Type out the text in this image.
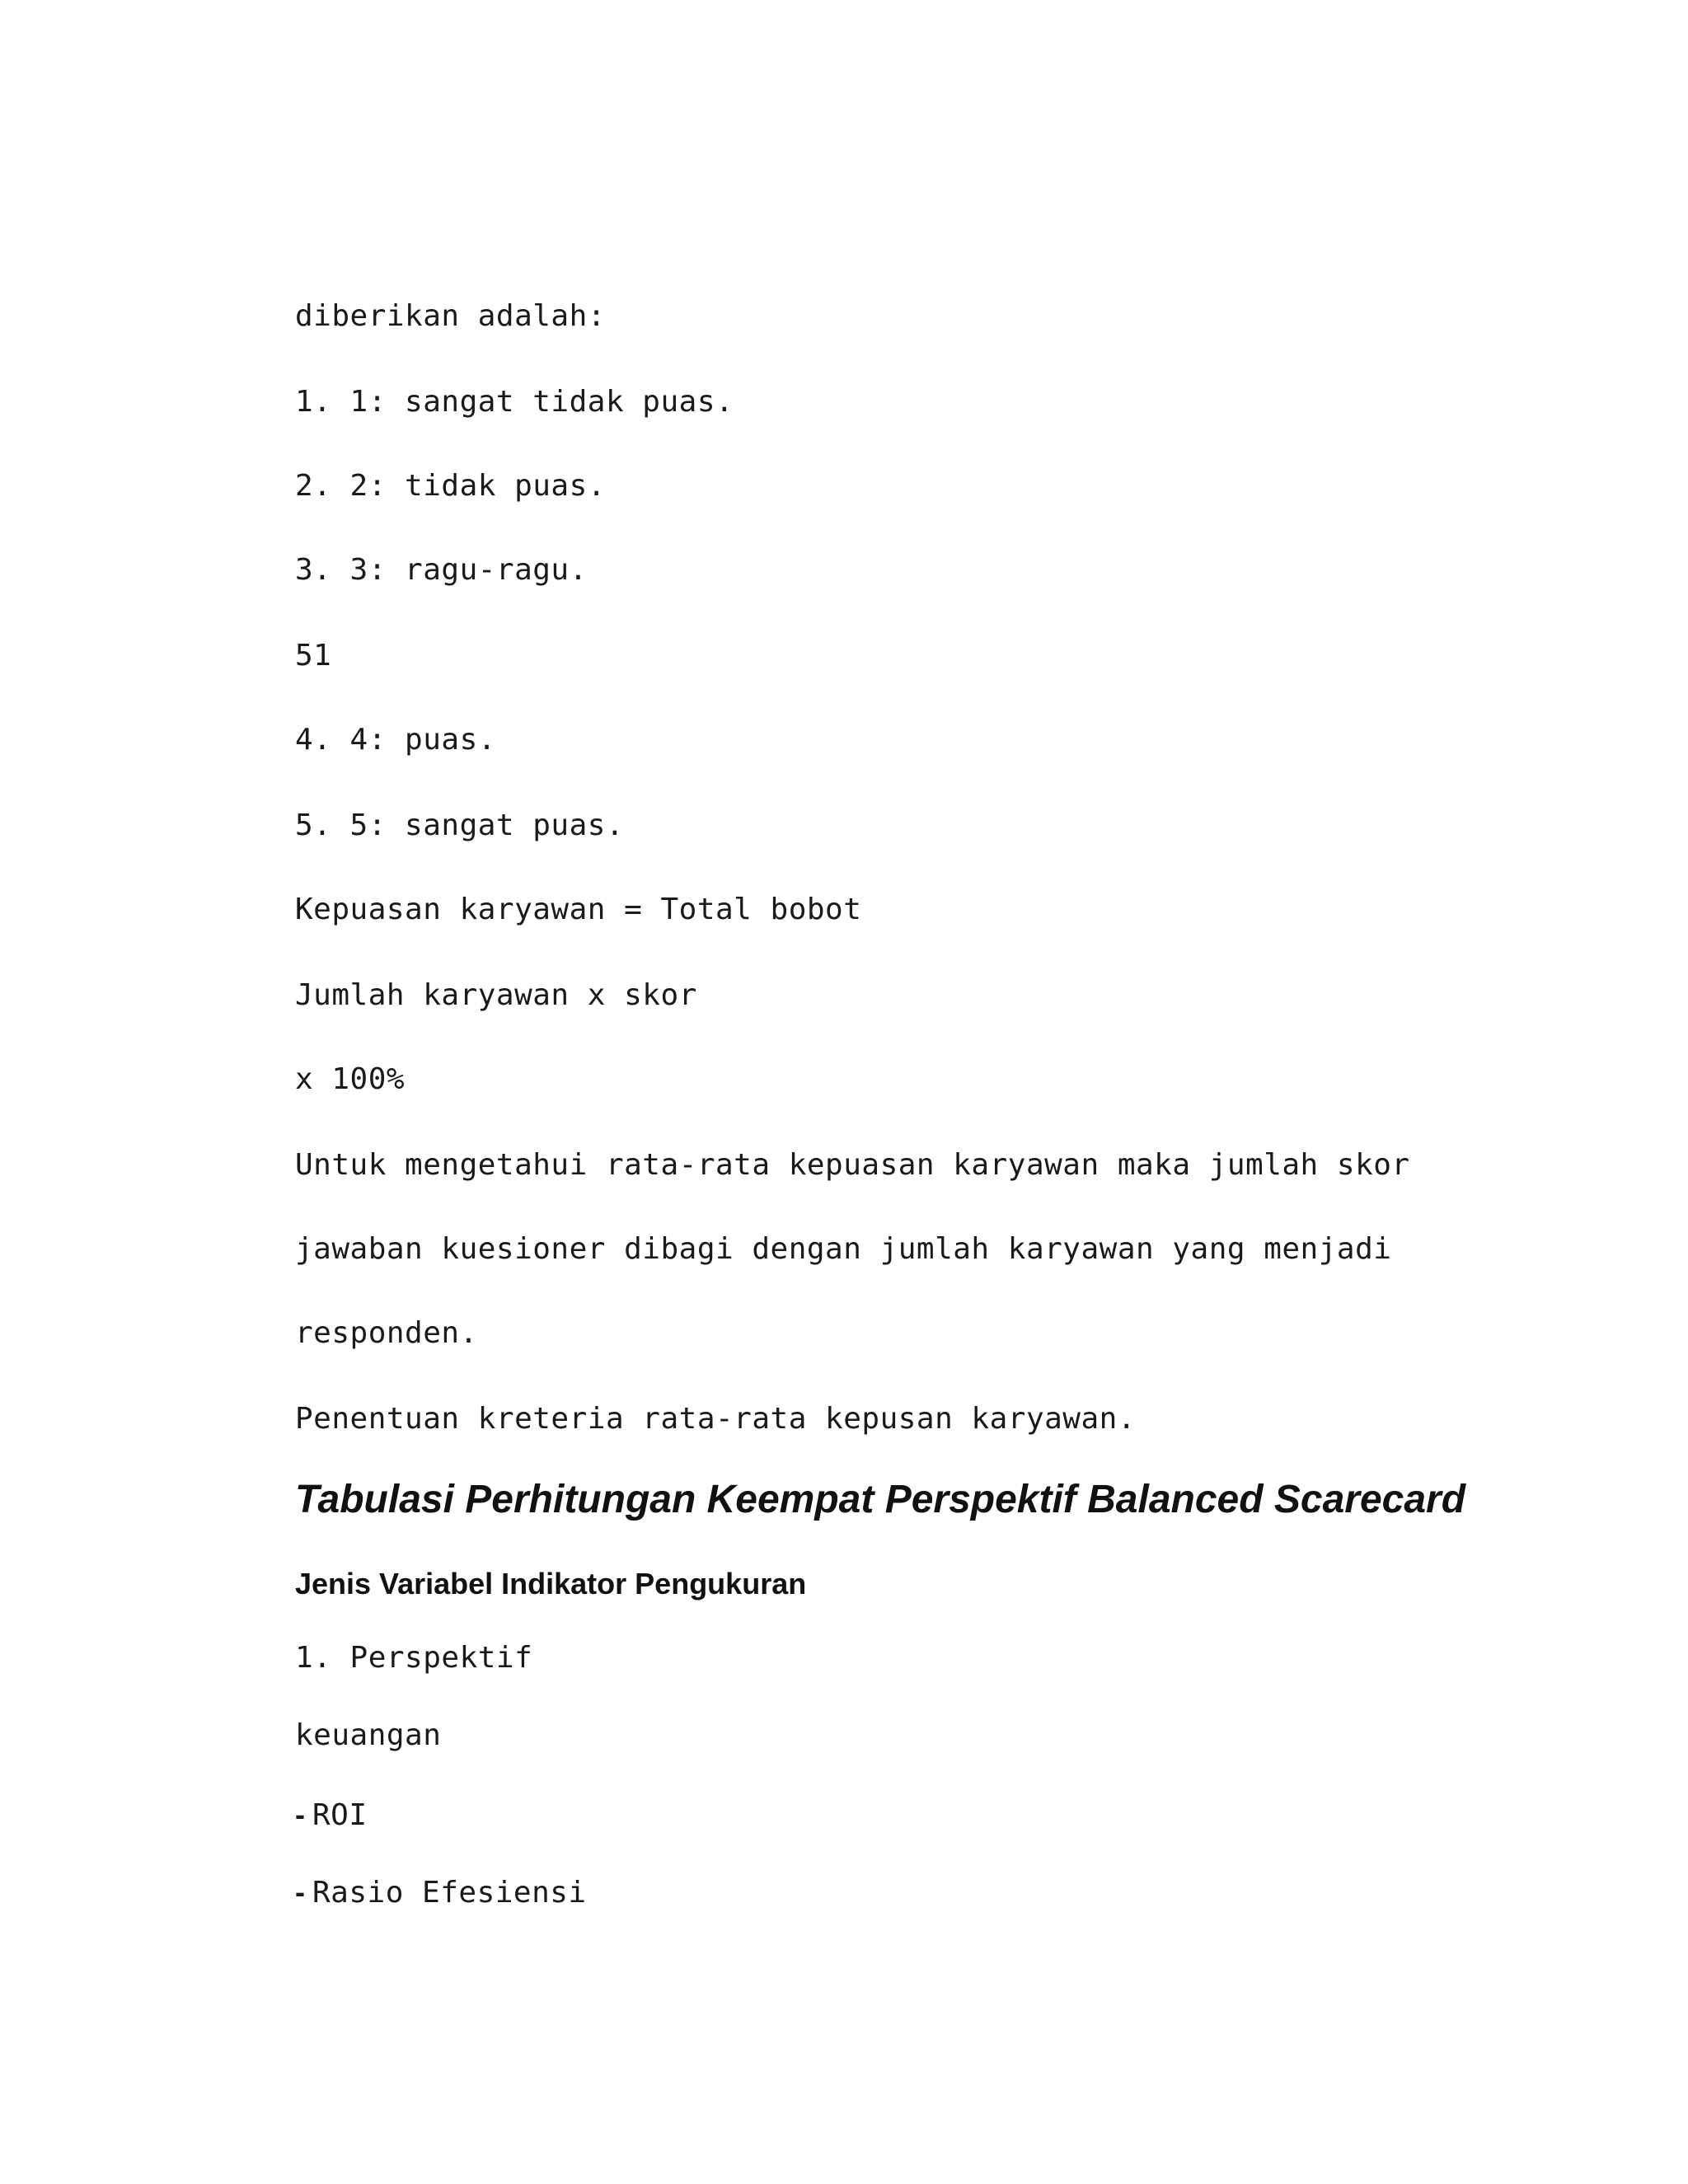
diberikan adalah:

1. 1: sangat tidak puas.

2. 2: tidak puas.

3. 3: ragu-ragu.

51

4. 4: puas.

5. 5: sangat puas.

Kepuasan karyawan = Total bobot

Jumlah karyawan x skor

x 100%

Untuk mengetahui rata-rata kepuasan karyawan maka jumlah skor

jawaban kuesioner dibagi dengan jumlah karyawan yang menjadi

responden.

Penentuan kreteria rata-rata kepusan karyawan.

Tabulasi Perhitungan Keempat Perspektif Balanced Scarecard
Jenis Variabel Indikator Pengukuran

1. Perspektif

keuangan

- ROI

- Rasio Efesiensi
